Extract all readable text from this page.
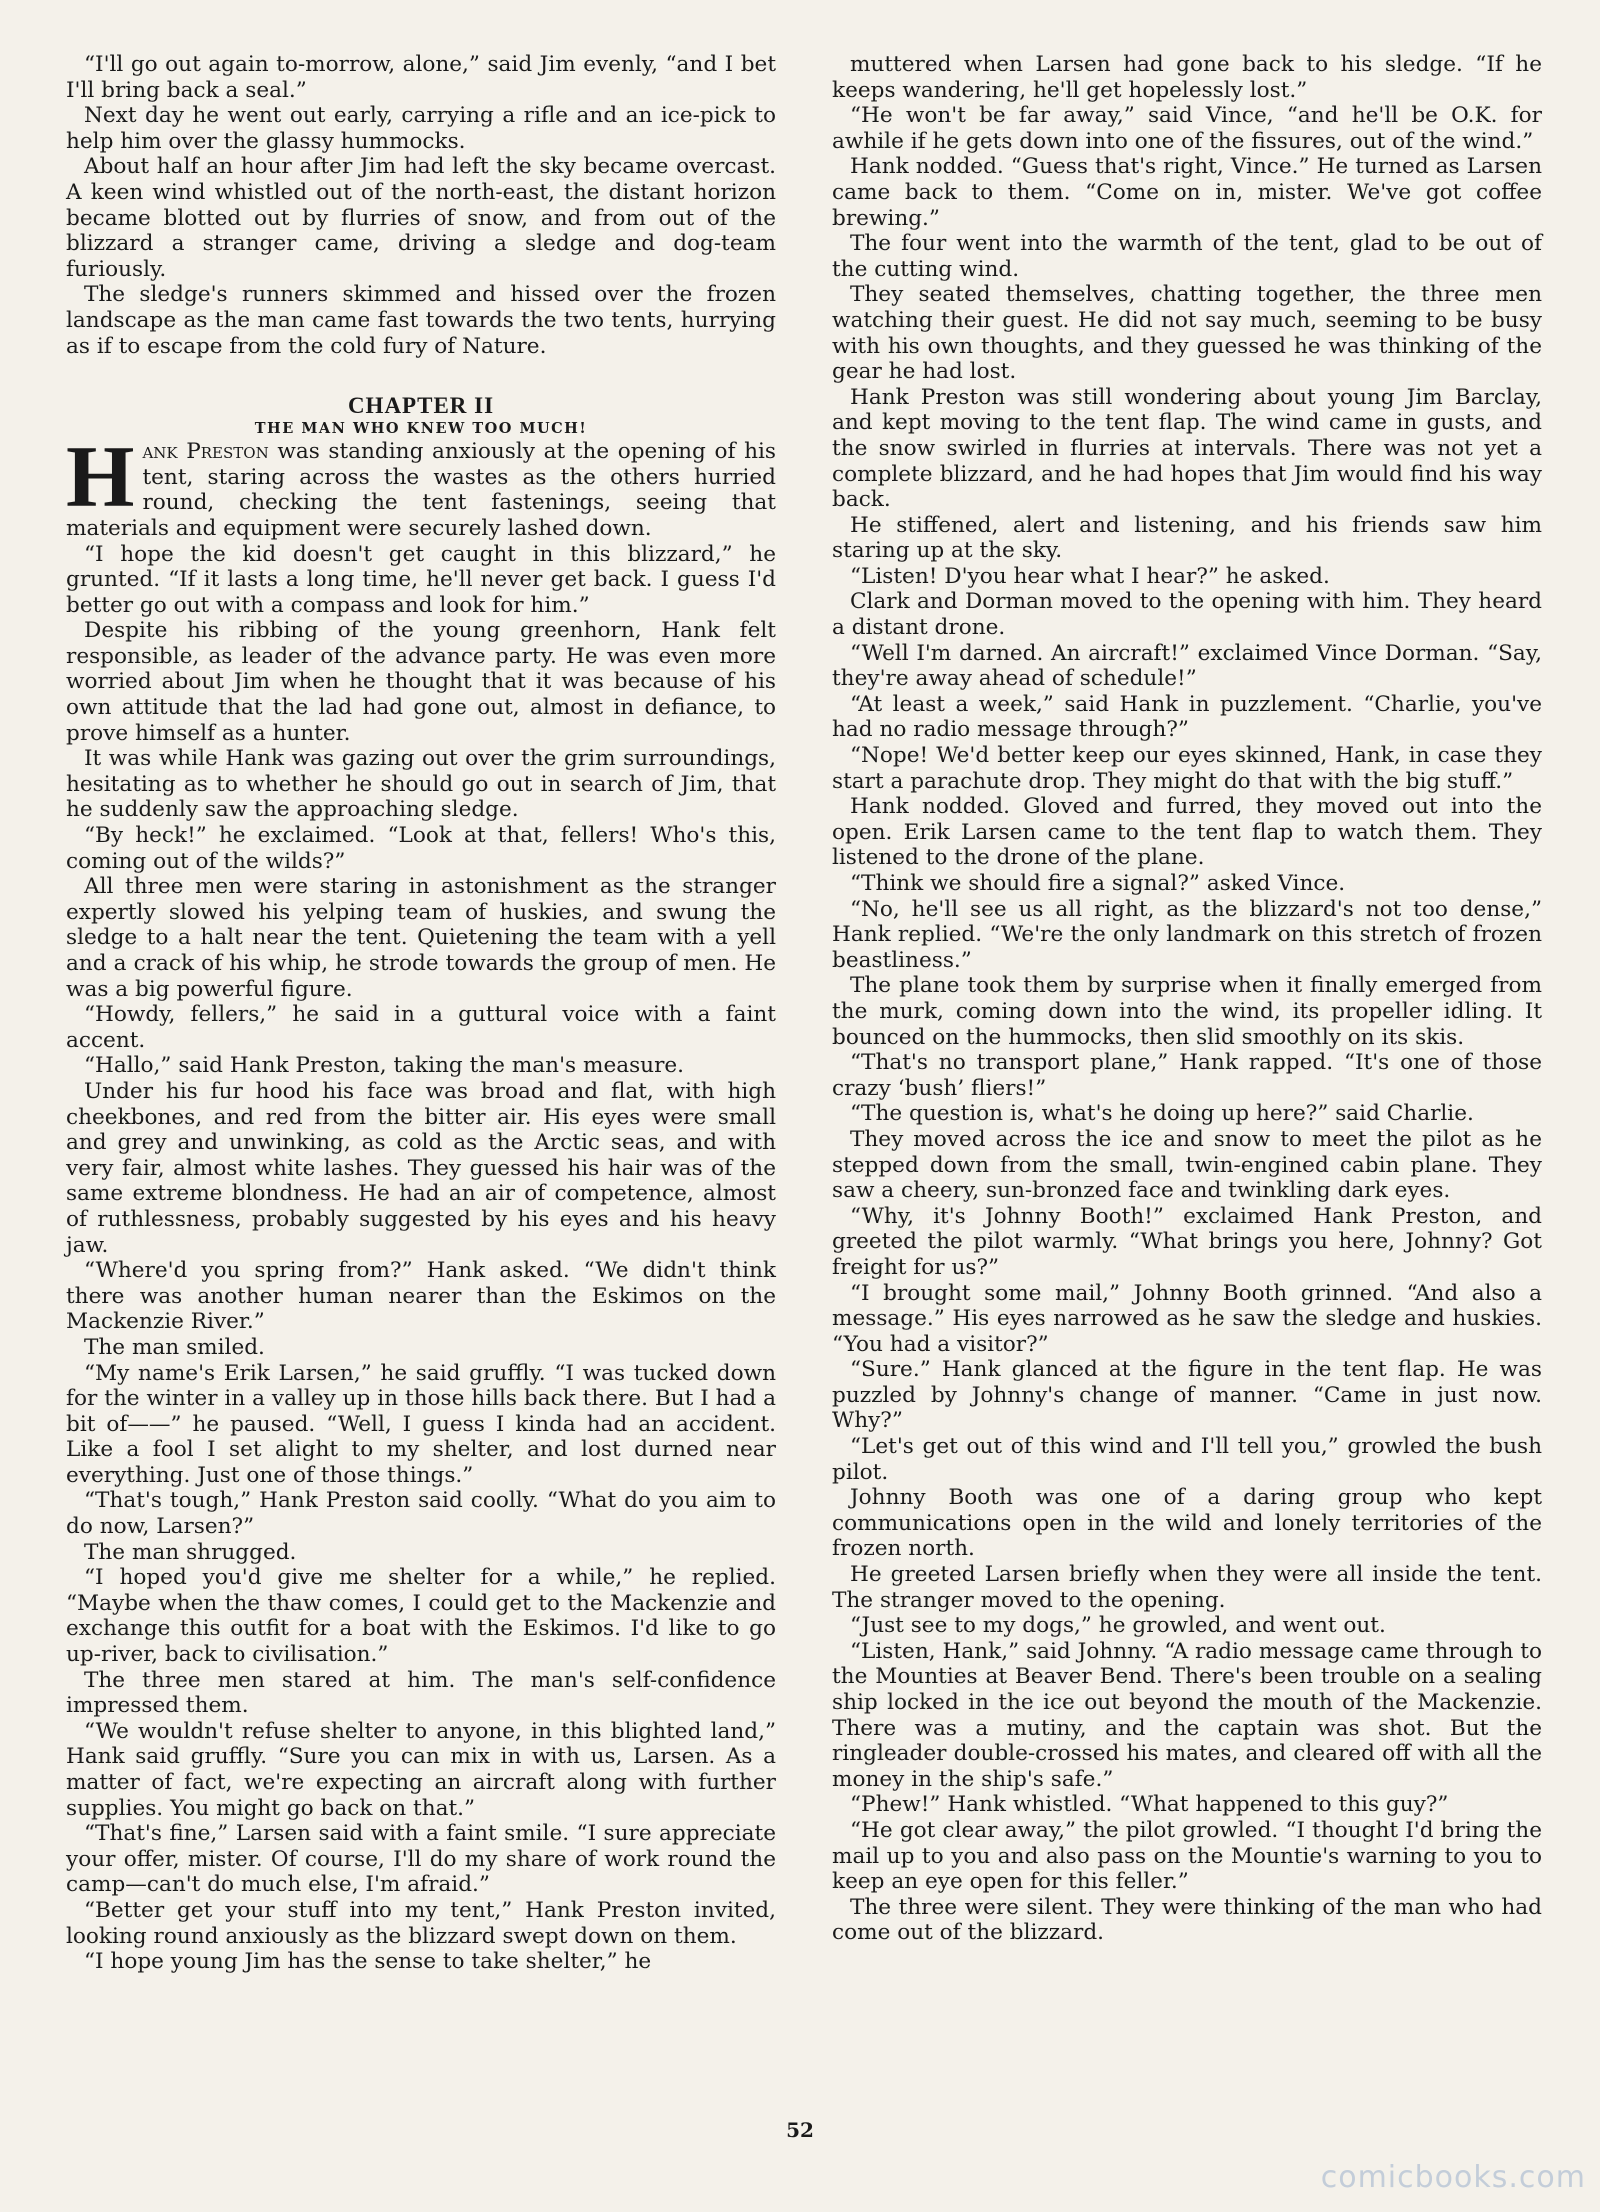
“I'll go out again to-morrow, alone,” said Jim evenly, “and I bet I'll bring back a seal.”

Next day he went out early, carrying a rifle and an ice-pick to help him over the glassy hummocks.

About half an hour after Jim had left the sky became overcast. A keen wind whistled out of the north-east, the distant horizon became blotted out by flurries of snow, and from out of the blizzard a stranger came, driving a sledge and dog-team furiously.

The sledge's runners skimmed and hissed over the frozen landscape as the man came fast towards the two tents, hurrying as if to escape from the cold fury of Nature.

CHAPTER II
THE MAN WHO KNEW TOO MUCH!

Hank Preston was standing anxiously at the opening of his tent, staring across the wastes as the others hurried round, checking the tent fastenings, seeing that materials and equipment were securely lashed down.

“I hope the kid doesn't get caught in this blizzard,” he grunted. “If it lasts a long time, he'll never get back. I guess I'd better go out with a compass and look for him.”

Despite his ribbing of the young greenhorn, Hank felt responsible, as leader of the advance party. He was even more worried about Jim when he thought that it was because of his own attitude that the lad had gone out, almost in defiance, to prove himself as a hunter.

It was while Hank was gazing out over the grim surroundings, hesitating as to whether he should go out in search of Jim, that he suddenly saw the approaching sledge.

“By heck!” he exclaimed. “Look at that, fellers! Who's this, coming out of the wilds?”

All three men were staring in astonishment as the stranger expertly slowed his yelping team of huskies, and swung the sledge to a halt near the tent. Quietening the team with a yell and a crack of his whip, he strode towards the group of men. He was a big powerful figure.

“Howdy, fellers,” he said in a guttural voice with a faint accent.

“Hallo,” said Hank Preston, taking the man's measure.

Under his fur hood his face was broad and flat, with high cheekbones, and red from the bitter air. His eyes were small and grey and unwinking, as cold as the Arctic seas, and with very fair, almost white lashes. They guessed his hair was of the same extreme blondness. He had an air of competence, almost of ruthlessness, probably suggested by his eyes and his heavy jaw.

“Where'd you spring from?” Hank asked. “We didn't think there was another human nearer than the Eskimos on the Mackenzie River.”

The man smiled.

“My name's Erik Larsen,” he said gruffly. “I was tucked down for the winter in a valley up in those hills back there. But I had a bit of——” he paused. “Well, I guess I kinda had an accident. Like a fool I set alight to my shelter, and lost durned near everything. Just one of those things.”

“That's tough,” Hank Preston said coolly. “What do you aim to do now, Larsen?”

The man shrugged.

“I hoped you'd give me shelter for a while,” he replied. “Maybe when the thaw comes, I could get to the Mackenzie and exchange this outfit for a boat with the Eskimos. I'd like to go up-river, back to civilisation.”

The three men stared at him. The man's self-confidence impressed them.

“We wouldn't refuse shelter to anyone, in this blighted land,” Hank said gruffly. “Sure you can mix in with us, Larsen. As a matter of fact, we're expecting an aircraft along with further supplies. You might go back on that.”

“That's fine,” Larsen said with a faint smile. “I sure appreciate your offer, mister. Of course, I'll do my share of work round the camp—can't do much else, I'm afraid.”

“Better get your stuff into my tent,” Hank Preston invited, looking round anxiously as the blizzard swept down on them.

“I hope young Jim has the sense to take shelter,” he

muttered when Larsen had gone back to his sledge. “If he keeps wandering, he'll get hopelessly lost.”

“He won't be far away,” said Vince, “and he'll be O.K. for awhile if he gets down into one of the fissures, out of the wind.”

Hank nodded. “Guess that's right, Vince.” He turned as Larsen came back to them. “Come on in, mister. We've got coffee brewing.”

The four went into the warmth of the tent, glad to be out of the cutting wind.

They seated themselves, chatting together, the three men watching their guest. He did not say much, seeming to be busy with his own thoughts, and they guessed he was thinking of the gear he had lost.

Hank Preston was still wondering about young Jim Barclay, and kept moving to the tent flap. The wind came in gusts, and the snow swirled in flurries at intervals. There was not yet a complete blizzard, and he had hopes that Jim would find his way back.

He stiffened, alert and listening, and his friends saw him staring up at the sky.

“Listen! D'you hear what I hear?” he asked.

Clark and Dorman moved to the opening with him. They heard a distant drone.

“Well I'm darned. An aircraft!” exclaimed Vince Dorman. “Say, they're away ahead of schedule!”

“At least a week,” said Hank in puzzlement. “Charlie, you've had no radio message through?”

“Nope! We'd better keep our eyes skinned, Hank, in case they start a parachute drop. They might do that with the big stuff.”

Hank nodded. Gloved and furred, they moved out into the open. Erik Larsen came to the tent flap to watch them. They listened to the drone of the plane.

“Think we should fire a signal?” asked Vince.

“No, he'll see us all right, as the blizzard's not too dense,” Hank replied. “We're the only landmark on this stretch of frozen beastliness.”

The plane took them by surprise when it finally emerged from the murk, coming down into the wind, its propeller idling. It bounced on the hummocks, then slid smoothly on its skis.

“That's no transport plane,” Hank rapped. “It's one of those crazy ‘bush’ fliers!”

“The question is, what's he doing up here?” said Charlie.

They moved across the ice and snow to meet the pilot as he stepped down from the small, twin-engined cabin plane. They saw a cheery, sun-bronzed face and twinkling dark eyes.

“Why, it's Johnny Booth!” exclaimed Hank Preston, and greeted the pilot warmly. “What brings you here, Johnny? Got freight for us?”

“I brought some mail,” Johnny Booth grinned. “And also a message.” His eyes narrowed as he saw the sledge and huskies. “You had a visitor?”

“Sure.” Hank glanced at the figure in the tent flap. He was puzzled by Johnny's change of manner. “Came in just now. Why?”

“Let's get out of this wind and I'll tell you,” growled the bush pilot.

Johnny Booth was one of a daring group who kept communications open in the wild and lonely territories of the frozen north.

He greeted Larsen briefly when they were all inside the tent. The stranger moved to the opening.

“Just see to my dogs,” he growled, and went out.

“Listen, Hank,” said Johnny. “A radio message came through to the Mounties at Beaver Bend. There's been trouble on a sealing ship locked in the ice out beyond the mouth of the Mackenzie. There was a mutiny, and the captain was shot. But the ringleader double-crossed his mates, and cleared off with all the money in the ship's safe.”

“Phew!” Hank whistled. “What happened to this guy?”

“He got clear away,” the pilot growled. “I thought I'd bring the mail up to you and also pass on the Mountie's warning to you to keep an eye open for this feller.”

The three were silent. They were thinking of the man who had come out of the blizzard.

52
comicbooks.com
